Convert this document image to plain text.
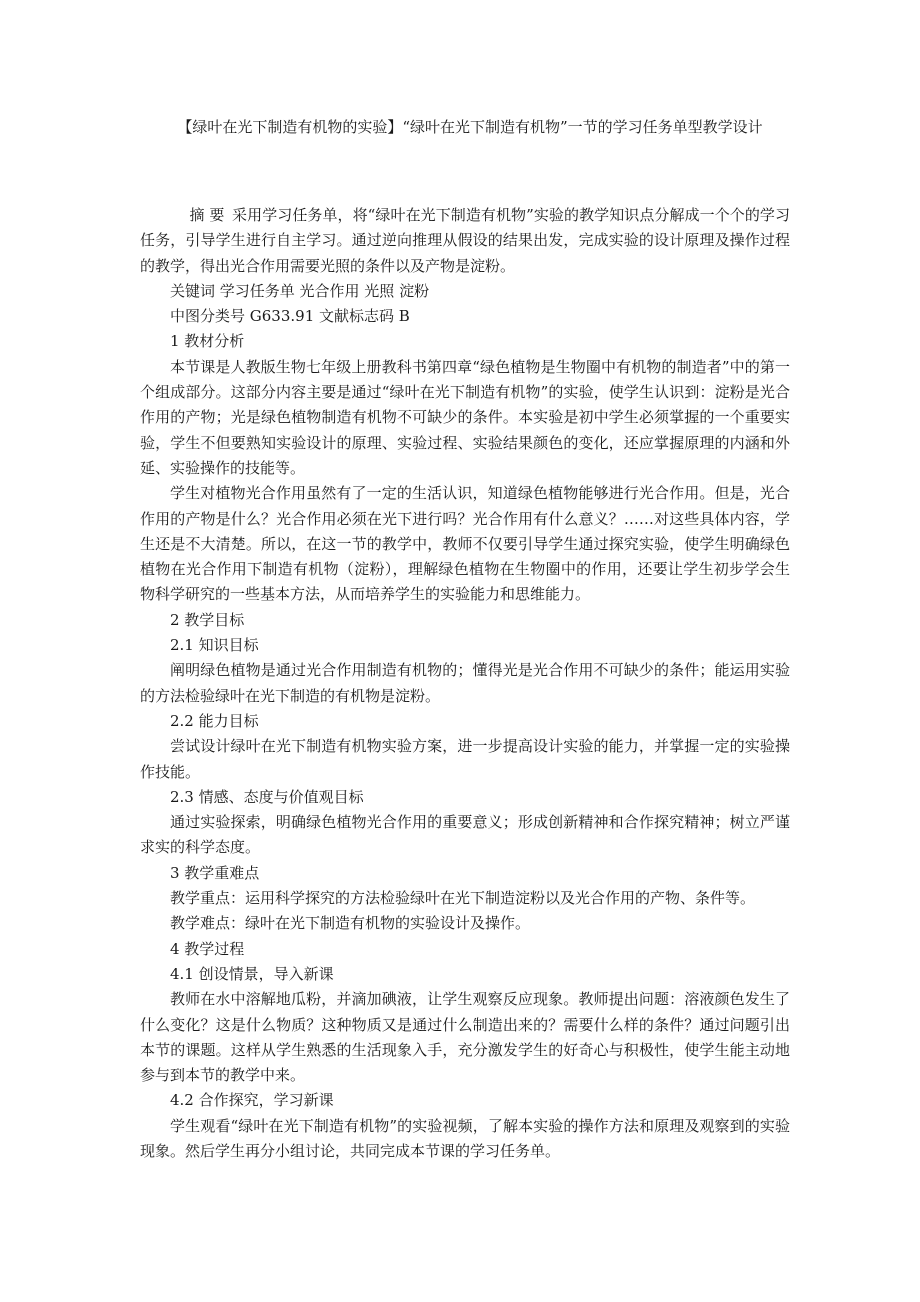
【绿叶在光下制造有机物的实验】“绿叶在光下制造有机物”一节的学习任务单型教学设计

摘 要 采用学习任务单，将“绿叶在光下制造有机物”实验的教学知识点分解成一个个的学习任务，引导学生进行自主学习。通过逆向推理从假设的结果出发，完成实验的设计原理及操作过程的教学，得出光合作用需要光照的条件以及产物是淀粉。

关键词 学习任务单 光合作用 光照 淀粉

中图分类号 G633.91 文献标志码 B

1 教材分析

本节课是人教版生物七年级上册教科书第四章“绿色植物是生物圈中有机物的制造者”中的第一个组成部分。这部分内容主要是通过“绿叶在光下制造有机物”的实验，使学生认识到：淀粉是光合作用的产物；光是绿色植物制造有机物不可缺少的条件。本实验是初中学生必须掌握的一个重要实验，学生不但要熟知实验设计的原理、实验过程、实验结果颜色的变化，还应掌握原理的内涵和外延、实验操作的技能等。

学生对植物光合作用虽然有了一定的生活认识，知道绿色植物能够进行光合作用。但是，光合作用的产物是什么？光合作用必须在光下进行吗？光合作用有什么意义？……对这些具体内容，学生还是不大清楚。所以，在这一节的教学中，教师不仅要引导学生通过探究实验，使学生明确绿色植物在光合作用下制造有机物（淀粉），理解绿色植物在生物圈中的作用，还要让学生初步学会生物科学研究的一些基本方法，从而培养学生的实验能力和思维能力。

2 教学目标

2.1 知识目标

阐明绿色植物是通过光合作用制造有机物的；懂得光是光合作用不可缺少的条件；能运用实验的方法检验绿叶在光下制造的有机物是淀粉。

2.2 能力目标

尝试设计绿叶在光下制造有机物实验方案，进一步提高设计实验的能力，并掌握一定的实验操作技能。

2.3 情感、态度与价值观目标

通过实验探索，明确绿色植物光合作用的重要意义；形成创新精神和合作探究精神；树立严谨求实的科学态度。

3 教学重难点

教学重点：运用科学探究的方法检验绿叶在光下制造淀粉以及光合作用的产物、条件等。

教学难点：绿叶在光下制造有机物的实验设计及操作。

4 教学过程

4.1 创设情景，导入新课

教师在水中溶解地瓜粉，并滴加碘液，让学生观察反应现象。教师提出问题：溶液颜色发生了什么变化？这是什么物质？这种物质又是通过什么制造出来的？需要什么样的条件？通过问题引出本节的课题。这样从学生熟悉的生活现象入手，充分激发学生的好奇心与积极性，使学生能主动地参与到本节的教学中来。

4.2 合作探究，学习新课

学生观看“绿叶在光下制造有机物”的实验视频，了解本实验的操作方法和原理及观察到的实验现象。然后学生再分小组讨论，共同完成本节课的学习任务单。
